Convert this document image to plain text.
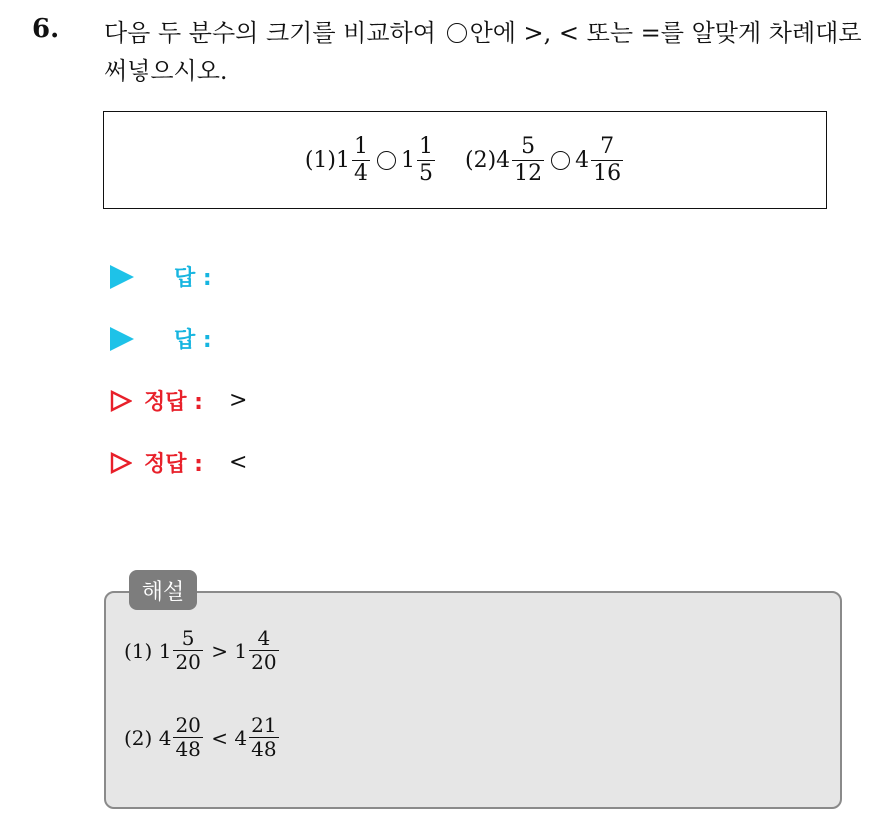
6. 다음 두 분수의 크기를 비교하여 안에 >, < 또는 =를 알맞게 차례대로 써넣으시오.
(1) $1 \frac{1}{4} 1 \frac{1}{5} (2)$ $4 \frac{5}{12} 4 \frac{7}{16}$
답 :
답 :
정답 : >
정답 : <
해설
(1)
$1 \frac{5}{20}$
>
$1 \frac{4}{20}$
(2)
$4 \frac{20}{48}$
<
$4 \frac{21}{48}$
